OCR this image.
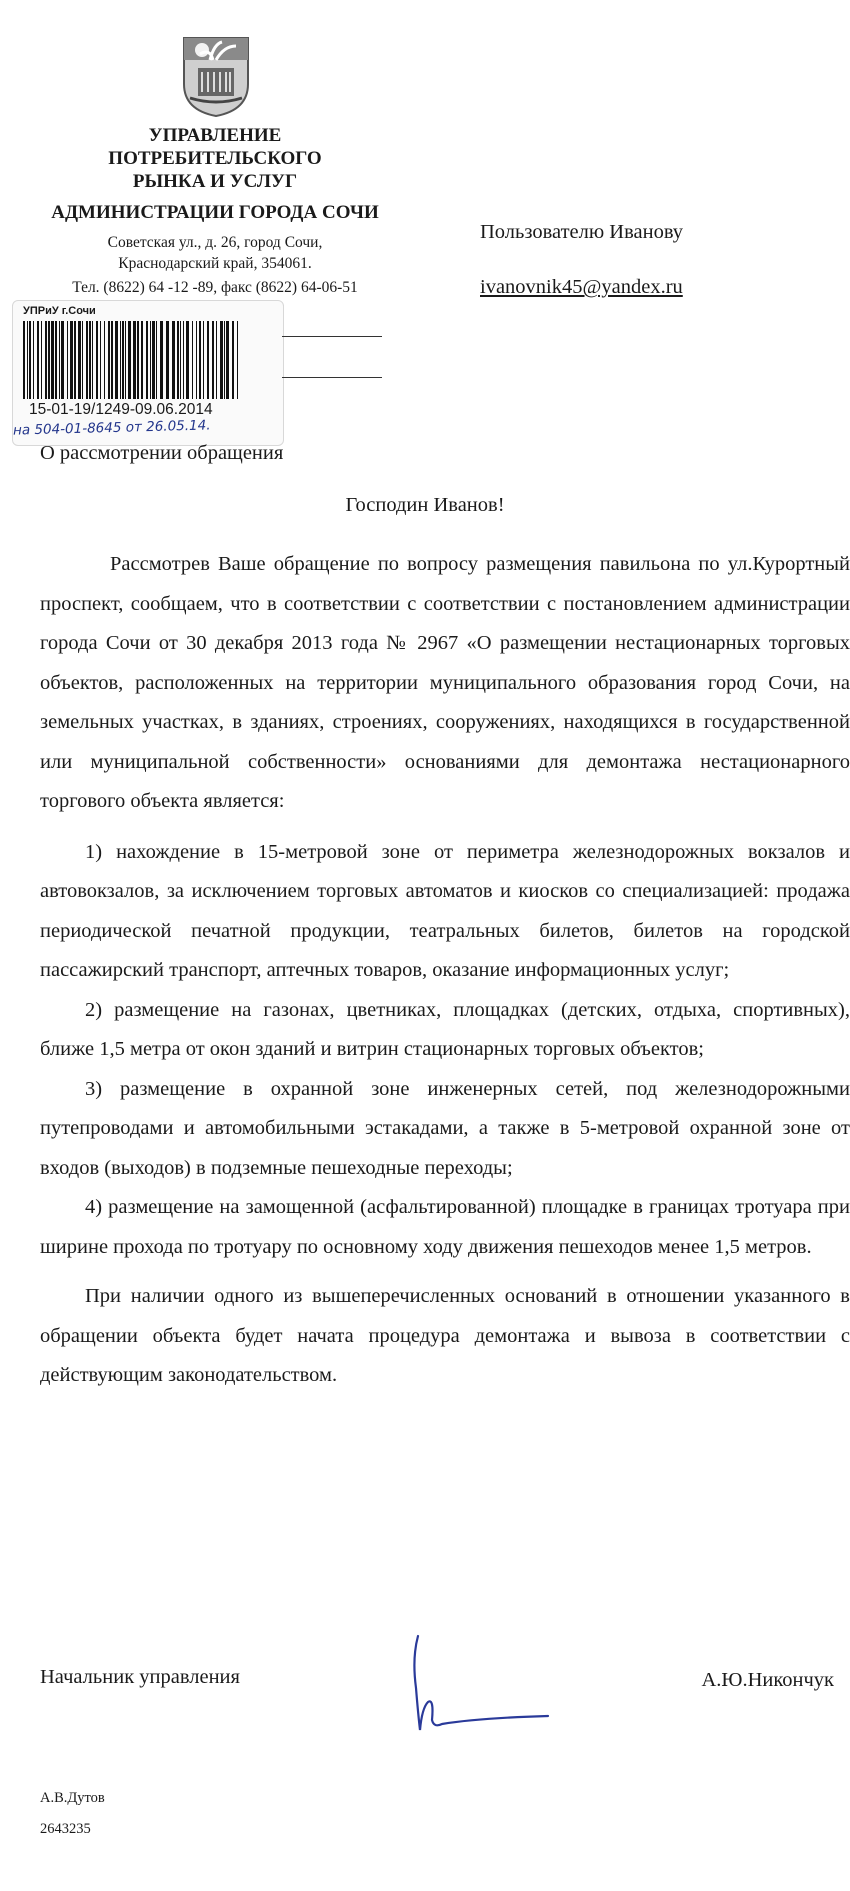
УПРАВЛЕНИЕ
ПОТРЕБИТЕЛЬСКОГО
РЫНКА И УСЛУГ
АДМИНИСТРАЦИИ ГОРОДА СОЧИ
Советская ул., д. 26, город Сочи,
Краснодарский край, 354061.
Тел. (8622) 64 -12 -89, факс (8622) 64-06-51
Пользователю Иванову
ivanovnik45@yandex.ru
УПРиУ г.Сочи
15-01-19/1249-09.06.2014
на 504-01-8645 от 26.05.14.
О рассмотрении обращения
Господин Иванов!

Рассмотрев Ваше обращение по вопросу размещения павильона по ул.Курортный проспект, сообщаем, что в соответствии с соответствии с постановлением администрации города Сочи от 30 декабря 2013 года № 2967 «О размещении нестационарных торговых объектов, расположенных на территории муниципального образования город Сочи, на земельных участках, в зданиях, строениях, сооружениях, находящихся в государственной или муниципальной собственности» основаниями для демонтажа нестационарного торгового объекта является:

1) нахождение в 15-метровой зоне от периметра железнодорожных вокзалов и автовокзалов, за исключением торговых автоматов и киосков со специализацией: продажа периодической печатной продукции, театральных билетов, билетов на городской пассажирский транспорт, аптечных товаров, оказание информационных услуг;

2) размещение на газонах, цветниках, площадках (детских, отдыха, спортивных), ближе 1,5 метра от окон зданий и витрин стационарных торговых объектов;

3) размещение в охранной зоне инженерных сетей, под железнодорожными путепроводами и автомобильными эстакадами, а также в 5-метровой охранной зоне от входов (выходов) в подземные пешеходные переходы;

4) размещение на замощенной (асфальтированной) площадке в границах тротуара при ширине прохода по тротуару по основному ходу движения пешеходов менее 1,5 метров.

При наличии одного из вышеперечисленных оснований в отношении указанного в обращении объекта будет начата процедура демонтажа и вывоза в соответствии с действующим законодательством.

Начальник управления	А.Ю.Никончук
А.В.Дутов
2643235
